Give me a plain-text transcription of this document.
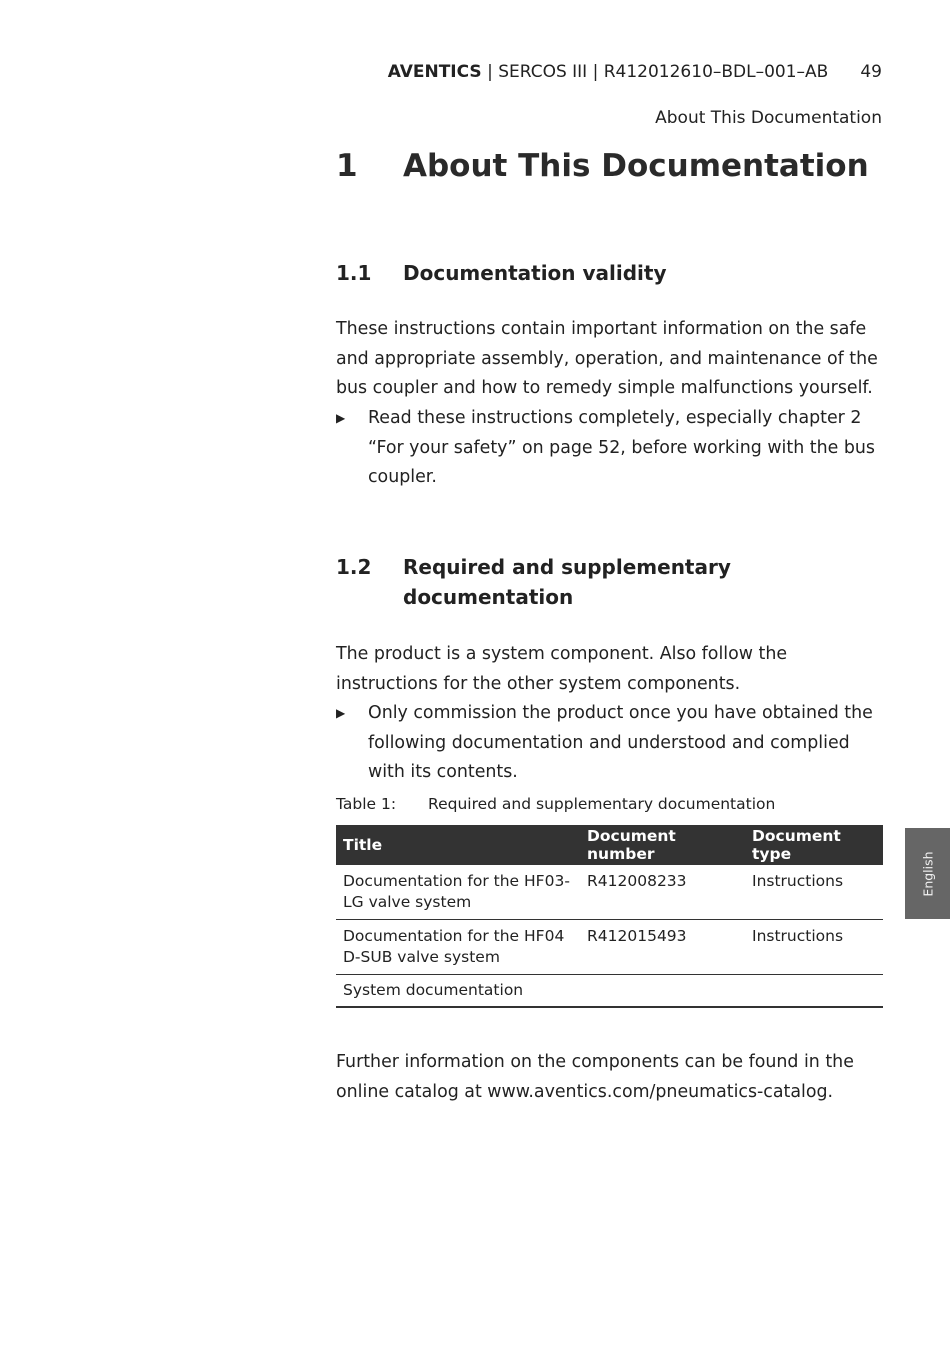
AVENTICS | SERCOS III | R412012610–BDL–001–AB 49
About This Documentation
1 About This Documentation
1.1 Documentation validity
These instructions contain important information on the safe and appropriate assembly, operation, and maintenance of the bus coupler and how to remedy simple malfunctions yourself.
▶ Read these instructions completely, especially chapter 2 “For your safety” on page 52, before working with the bus coupler.
1.2 Required and supplementary documentation
The product is a system component. Also follow the instructions for the other system components.
▶ Only commission the product once you have obtained the following documentation and understood and complied with its contents.
Table 1: Required and supplementary documentation
Title	Document number	Document type
Documentation for the HF03-LG valve system	R412008233	Instructions
Documentation for the HF04 D-SUB valve system	R412015493	Instructions
System documentation		
Further information on the components can be found in the online catalog at www.aventics.com/pneumatics-catalog.
English
